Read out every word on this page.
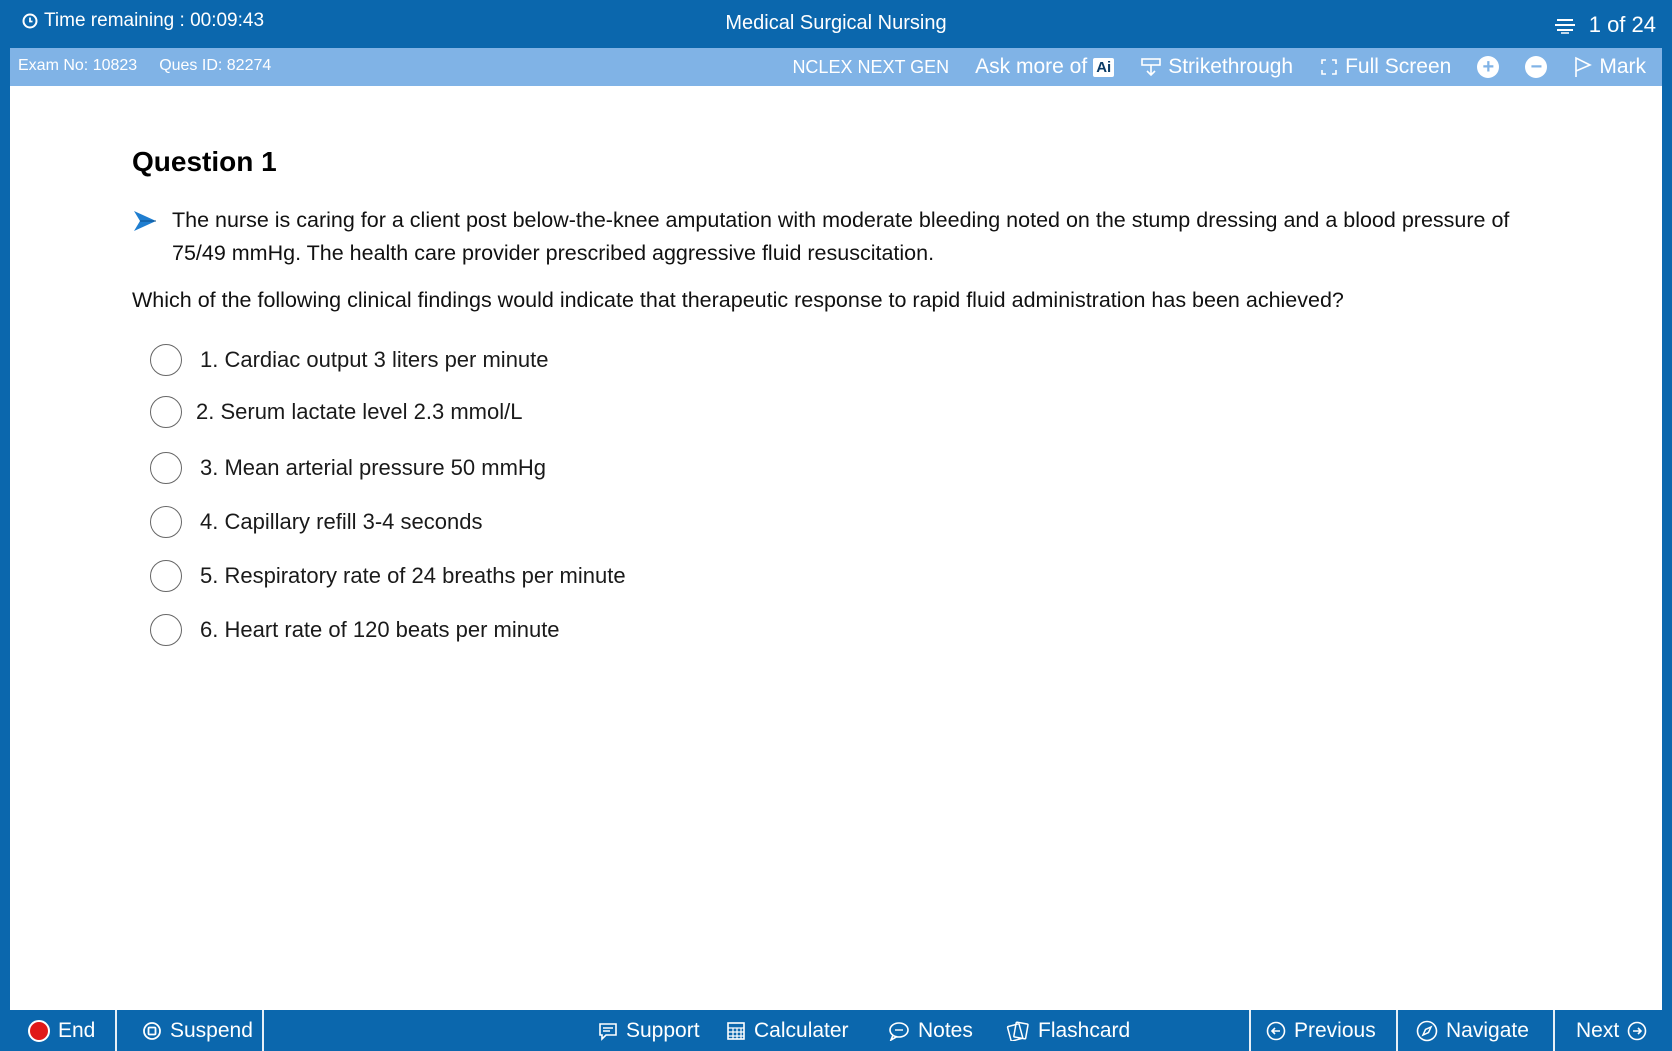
Time remaining : 00:09:43	Medical Surgical Nursing	1 of 24
Exam No: 10823 Ques ID: 82274	NCLEX NEXT GEN Ask more of Ai	Strikethrough Full Screen + −	Mark
Question 1
The nurse is caring for a client post below-the-knee amputation with moderate bleeding noted on the stump dressing and a blood pressure of 75/49 mmHg. The health care provider prescribed aggressive fluid resuscitation.
Which of the following clinical findings would indicate that therapeutic response to rapid fluid administration has been achieved?
1. Cardiac output 3 liters per minute
2. Serum lactate level 2.3 mmol/L
3. Mean arterial pressure 50 mmHg
4. Capillary refill 3-4 seconds
5. Respiratory rate of 24 breaths per minute
6. Heart rate of 120 beats per minute
End	Suspend	Support	Calculater	Notes	Flashcard	Previous	Navigate Next
